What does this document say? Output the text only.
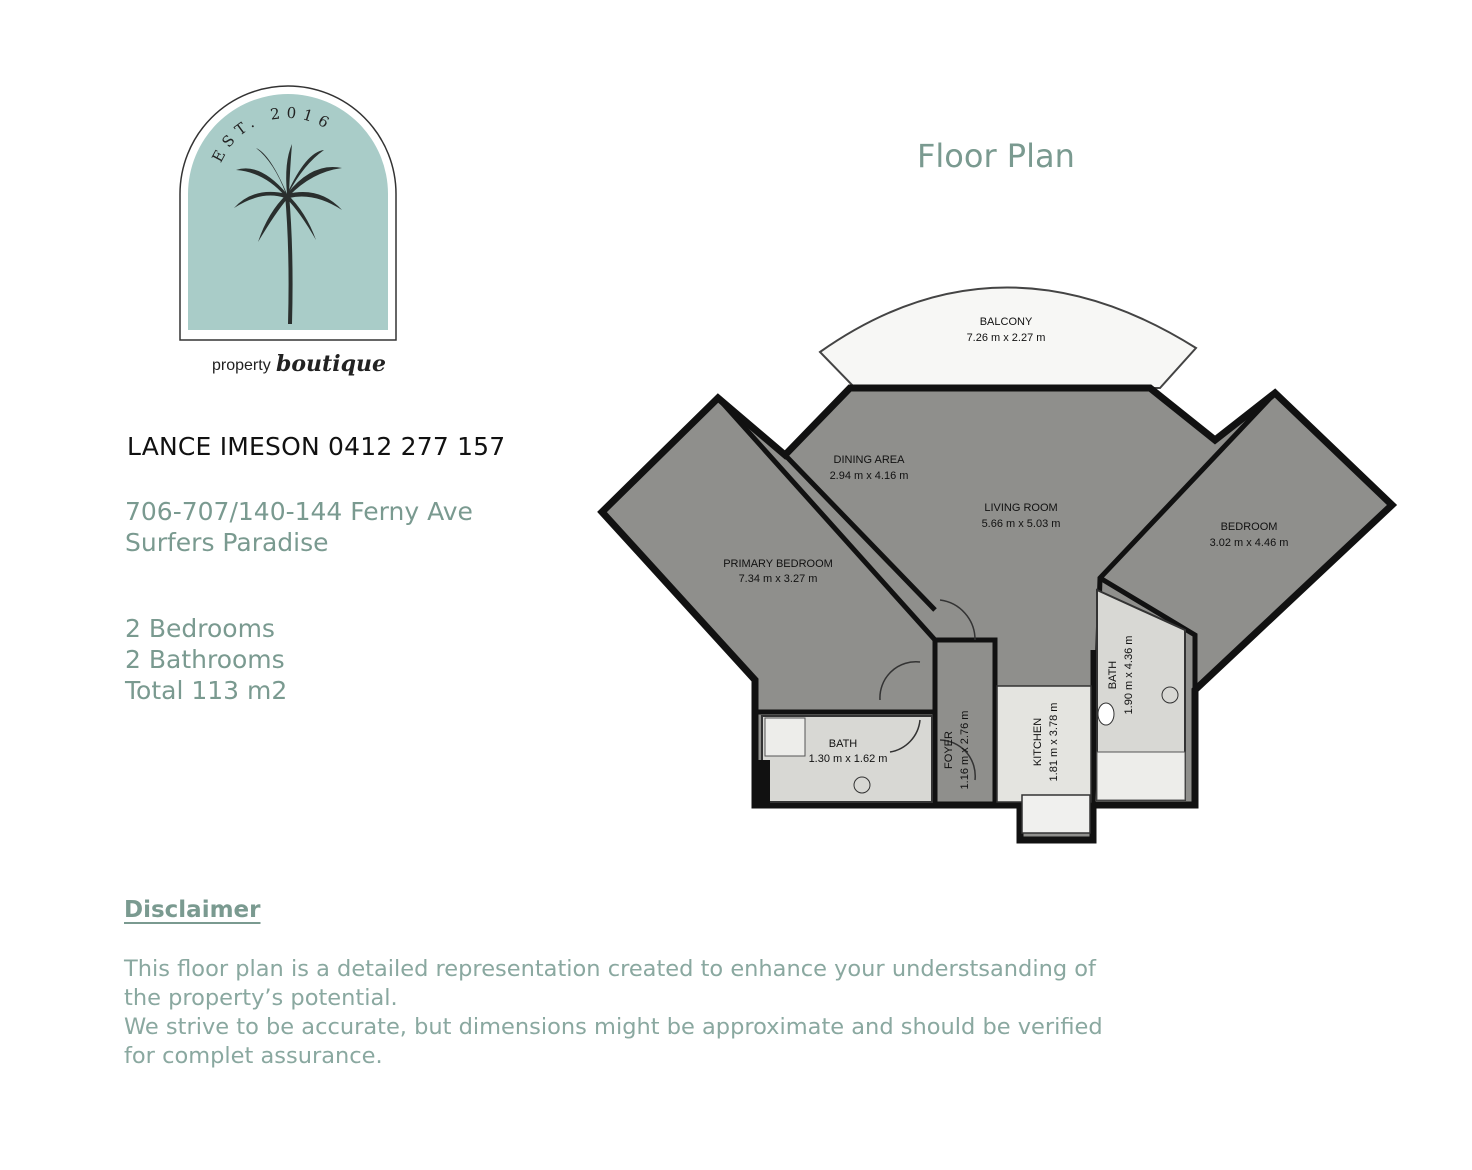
EST. 2016
property boutique
LANCE IMESON 0412 277 157
706-707/140-144 Ferny Ave
Surfers Paradise
2 Bedrooms
2 Bathrooms
Total 113 m2
Floor Plan
BALCONY
7.26 m x 2.27 m
DINING AREA
2.94 m x 4.16 m
LIVING ROOM
5.66 m x 5.03 m	BEDROOM
3.02 m x 4.46 m
PRIMARY BEDROOM
7.34 m x 3.27 m
BATH
1.30 m x 1.62 m	FOYER 1.16 m x 2.76 m	KITCHEN 1.81 m x 3.78 m
BATH 1.90 m x 4.36 m
Disclaimer
This floor plan is a detailed representation created to enhance your understsanding of
the property’s potential.
We strive to be accurate, but dimensions might be approximate and should be verified
for complet assurance.
